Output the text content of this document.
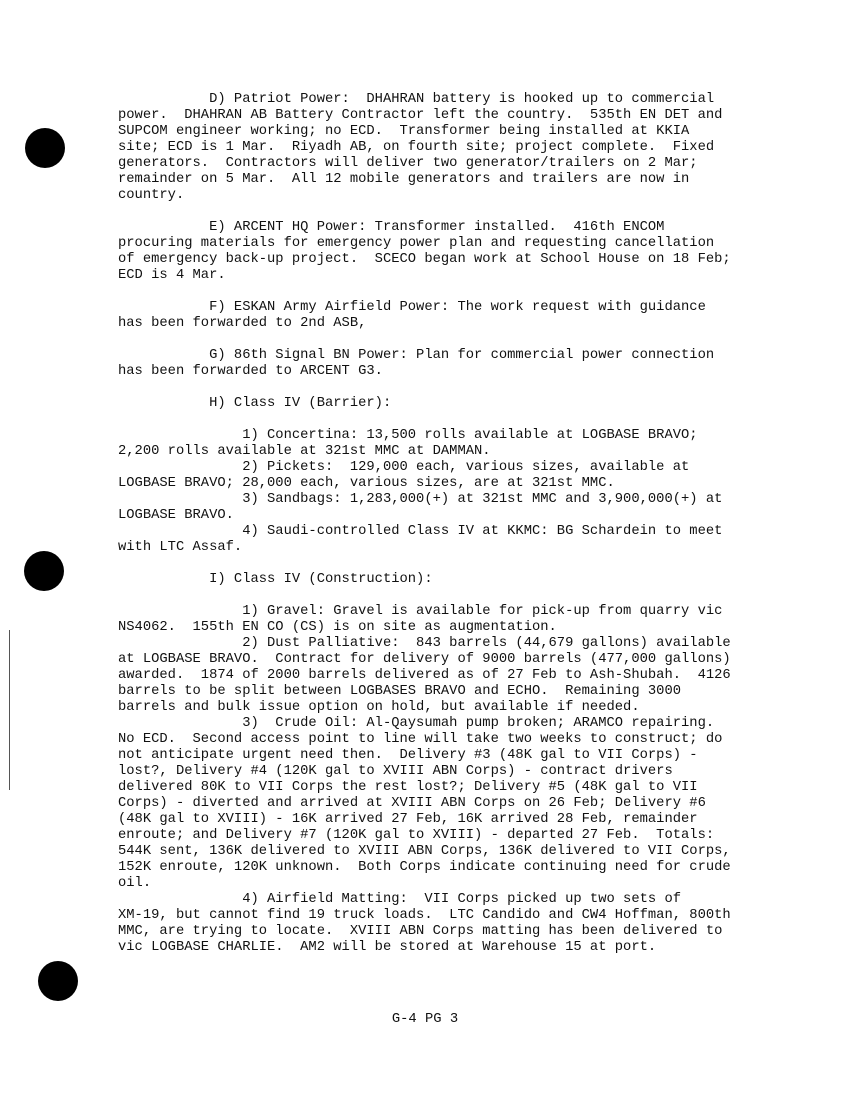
D) Patriot Power:  DHAHRAN battery is hooked up to commercial
power.  DHAHRAN AB Battery Contractor left the country.  535th EN DET and
SUPCOM engineer working; no ECD.  Transformer being installed at KKIA
site; ECD is 1 Mar.  Riyadh AB, on fourth site; project complete.  Fixed
generators.  Contractors will deliver two generator/trailers on 2 Mar;
remainder on 5 Mar.  All 12 mobile generators and trailers are now in
country.
E) ARCENT HQ Power: Transformer installed.  416th ENCOM
procuring materials for emergency power plan and requesting cancellation
of emergency back-up project.  SCECO began work at School House on 18 Feb;
ECD is 4 Mar.
F) ESKAN Army Airfield Power: The work request with guidance
has been forwarded to 2nd ASB,
G) 86th Signal BN Power: Plan for commercial power connection
has been forwarded to ARCENT G3.
H) Class IV (Barrier):
1) Concertina: 13,500 rolls available at LOGBASE BRAVO;
2,200 rolls available at 321st MMC at DAMMAN.
2) Pickets:  129,000 each, various sizes, available at
LOGBASE BRAVO; 28,000 each, various sizes, are at 321st MMC.
3) Sandbags: 1,283,000(+) at 321st MMC and 3,900,000(+) at
LOGBASE BRAVO.
4) Saudi-controlled Class IV at KKMC: BG Schardein to meet
with LTC Assaf.
I) Class IV (Construction):
1) Gravel: Gravel is available for pick-up from quarry vic
NS4062.  155th EN CO (CS) is on site as augmentation.
2) Dust Palliative:  843 barrels (44,679 gallons) available
at LOGBASE BRAVO.  Contract for delivery of 9000 barrels (477,000 gallons)
awarded.  1874 of 2000 barrels delivered as of 27 Feb to Ash-Shubah.  4126
barrels to be split between LOGBASES BRAVO and ECHO.  Remaining 3000
barrels and bulk issue option on hold, but available if needed.
3)  Crude Oil: Al-Qaysumah pump broken; ARAMCO repairing.
No ECD.  Second access point to line will take two weeks to construct; do
not anticipate urgent need then.  Delivery #3 (48K gal to VII Corps) -
lost?, Delivery #4 (120K gal to XVIII ABN Corps) - contract drivers
delivered 80K to VII Corps the rest lost?; Delivery #5 (48K gal to VII
Corps) - diverted and arrived at XVIII ABN Corps on 26 Feb; Delivery #6
(48K gal to XVIII) - 16K arrived 27 Feb, 16K arrived 28 Feb, remainder
enroute; and Delivery #7 (120K gal to XVIII) - departed 27 Feb.  Totals:
544K sent, 136K delivered to XVIII ABN Corps, 136K delivered to VII Corps,
152K enroute, 120K unknown.  Both Corps indicate continuing need for crude
oil.
4) Airfield Matting:  VII Corps picked up two sets of
XM-19, but cannot find 19 truck loads.  LTC Candido and CW4 Hoffman, 800th
MMC, are trying to locate.  XVIII ABN Corps matting has been delivered to
vic LOGBASE CHARLIE.  AM2 will be stored at Warehouse 15 at port.
G-4 PG 3
